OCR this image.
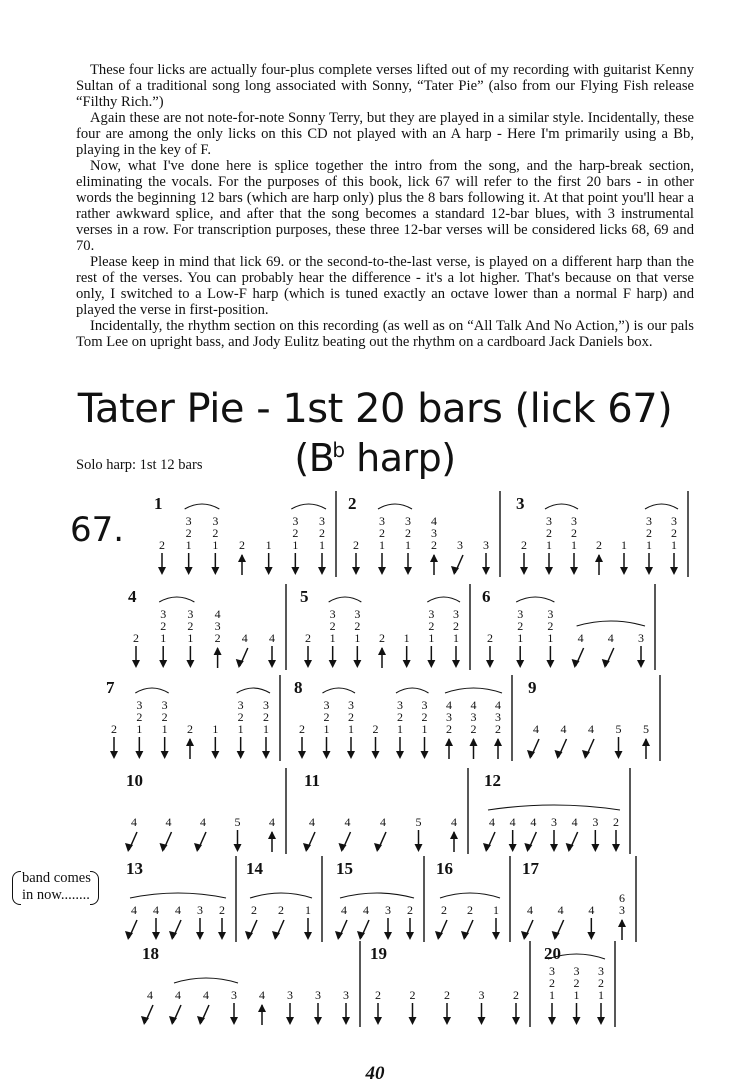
These four licks are actually four-plus complete verses lifted out of my recording with guitarist Kenny Sultan of a traditional song long associated with Sonny, “Tater Pie” (also from our Flying Fish release “Filthy Rich.”)

Again these are not note-for-note Sonny Terry, but they are played in a similar style. Incidentally, these four are among the only licks on this CD not played with an A harp - Here I'm primarily using a Bb, playing in the key of F.

Now, what I've done here is splice together the intro from the song, and the harp-break section, eliminating the vocals. For the purposes of this book, lick 67 will refer to the first 20 bars - in other words the beginning 12 bars (which are harp only) plus the 8 bars following it. At that point you'll hear a rather awkward splice, and after that the song becomes a standard 12-bar blues, with 3 instrumental verses in a row. For transcription purposes, these three 12-bar verses will be considered licks 68, 69 and 70.

Please keep in mind that lick 69. or the second-to-the-last verse, is played on a different harp than the rest of the verses. You can probably hear the difference - it's a lot higher. That's because on that verse only, I switched to a Low-F harp (which is tuned exactly an octave lower than a normal F harp) and played the verse in first-position.

Incidentally, the rhythm section on this recording (as well as on “All Talk And No Action,”) is our pals Tom Lee on upright bass, and Jody Eulitz beating out the rhythm on a cardboard Jack Daniels box.

Tater Pie - 1st 20 bars (lick 67)
($B^b$ harp)
Solo harp: 1st 12 bars
67.
band comes
in now........
1
2
3
2
1
3
2
1 2 1
3
2
1
3
2
1
2
2
3
2
1
3
2
1
4
3
2 3 3
3
2
3
2
1
3
2
1 2 1
3
2
1
3
2
1
4
2
3
2
1
3
2
1
4
3
2 4 4
5
2
3
2
1
3
2
1 2 1
3
2
1
3
2
1
6
2
3
2
1
3
2
1 4 4 3
7
2
3
2
1
3
2
1 2 1
3
2
1
3
2
1
8
2
3
2
1
3
2
1 2
3
2
1
3
2
1
4
3
2
4
3
2
4
3
2
9
4 4 4 5 5
10
4 4 4 5 4
11
4 4 4 5 4
12
4 4 4 3 4 3 2
13
4 4 4 3 2
14
2 2 1
15
4 4 3 2
16
2 2 1
17
4 4 4
6
3
18
4 4 4 3 4 3 3 3
19
2 2 2 3 2
20
3
2
1
3
2
1
3
2
1
40
